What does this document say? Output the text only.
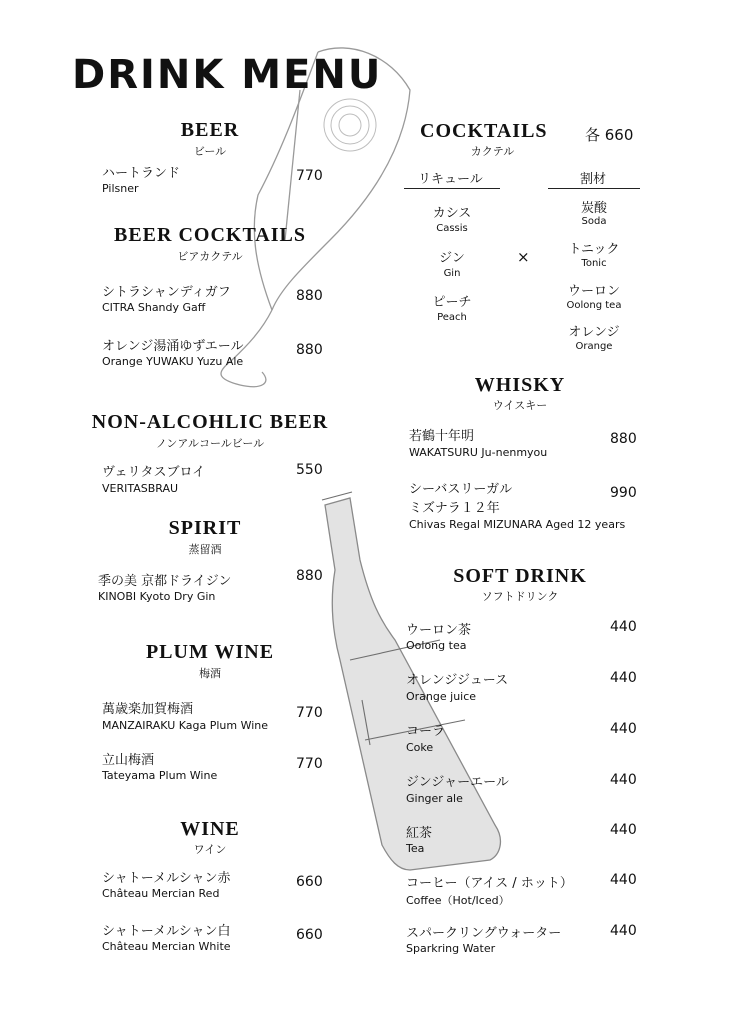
DRINK MENU
BEER
ビール
ハートランド
Pilsner
770
BEER COCKTAILS
ビアカクテル
シトラシャンディガフ
CITRA Shandy Gaff
880
オレンジ湯涌ゆずエール
Orange YUWAKU Yuzu Ale
880
NON-ALCOHLIC BEER
ノンアルコールビール
ヴェリタスブロイ
VERITASBRAU
550
SPIRIT
蒸留酒
季の美 京都ドライジン
KINOBI Kyoto Dry Gin
880
PLUM WINE
梅酒
萬歳楽加賀梅酒
MANZAIRAKU Kaga Plum Wine
770
立山梅酒
Tateyama Plum Wine
770
WINE
ワイン
シャトーメルシャン赤
Château Mercian Red
660
シャトーメルシャン白
Château Mercian White
660
COCKTAILS	各 660
カクテル
リキュール	割材
カシス
Cassis
ジン
Gin
ピーチ
Peach
×
炭酸
Soda
トニック
Tonic
ウーロン
Oolong tea
オレンジ
Orange
WHISKY
ウイスキー
若鶴十年明
WAKATSURU Ju-nenmyou
880
シーバスリーガル
ミズナラ１２年
Chivas Regal MIZUNARA Aged 12 years
990
SOFT DRINK
ソフトドリンク
ウーロン茶
Oolong tea
440
オレンジジュース
Orange juice
440
コーラ
Coke
440
ジンジャーエール
Ginger ale
440
紅茶
Tea
440
コーヒー（アイス / ホット）
Coffee（Hot/Iced）
440
スパークリングウォーター
Sparkring Water
440
